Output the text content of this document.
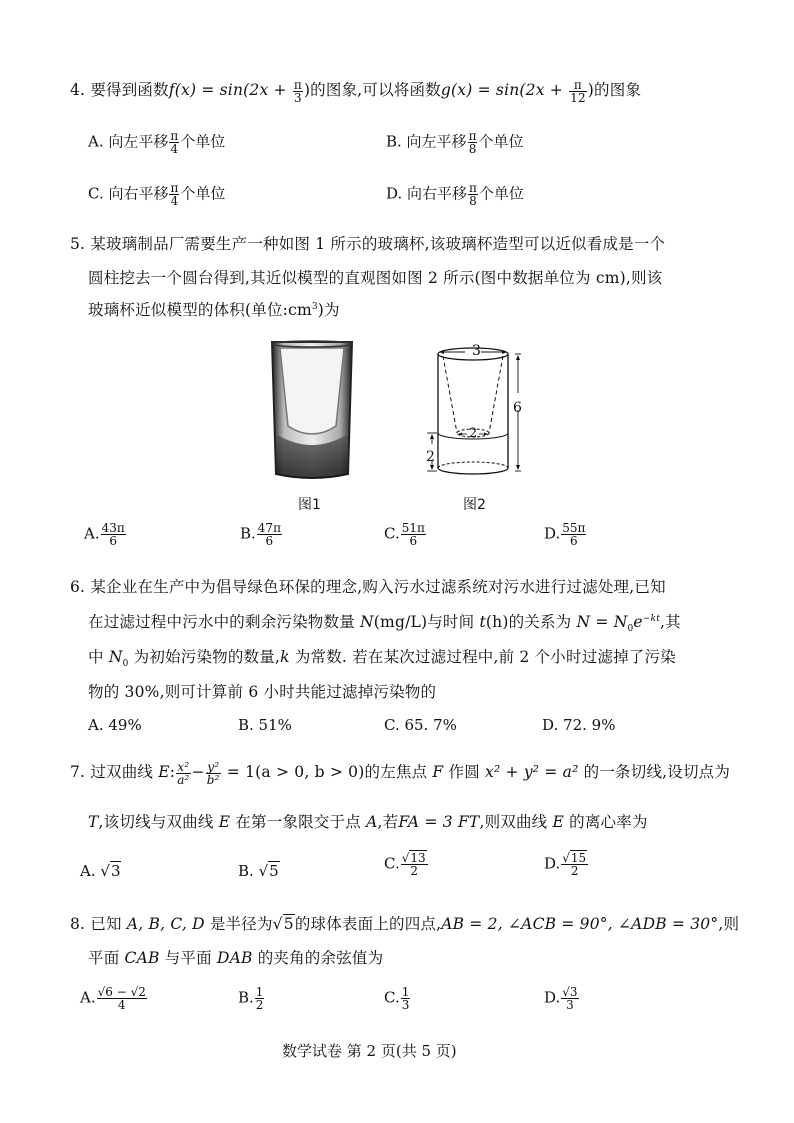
4. 要得到函数$f(x) = \sin(2x + \frac{\pi}{3}$ )的图象,可以将函数$g(x) = \sin(2x + \frac{\pi}{12}$ )的图象
A. 向左平移 $\frac{\pi}{4}$ 个单位	B. 向左平移 $\frac{\pi}{8}$ 个单位
C. 向右平移 $\frac{\pi}{4}$ 个单位	D. 向右平移 $\frac{\pi}{8}$ 个单位
5. 某玻璃制品厂需要生产一种如图 1 所示的玻璃杯,该玻璃杯造型可以近似看成是一个
圆柱挖去一个圆台得到,其近似模型的直观图如图 2 所示(图中数据单位为 cm),则该
玻璃杯近似模型的体积(单位$:cm^3$)为
图1
3
2
6
2
图2
A. $\frac{43\pi}{6}$	B. $\frac{47\pi}{6}$	C. $\frac{51\pi}{6}$	D. $\frac{55\pi}{6}$
6. 某企业在生产中为倡导绿色环保的理念,购入污水过滤系统对污水进行过滤处理,已知
在过滤过程中污水中的剩余污染物数量 N(mg/L)与时间 t(h)的关系为 $N = N_0e^{-kt}$,其
中 $N_0$ 为初始污染物的数量,k 为常数. 若在某次过滤过程中,前 2 个小时过滤掉了污染
物的 30%,则可计算前 6 小时共能过滤掉污染物的
A. 49%	B. 51%	C. 65. 7%	D. 72. 9%
7. 过双曲线 E: $\frac{\text{x²}}{\text{a²}} - \frac{\text{y²}}{\text{b²}} = 1(a > 0$, b > 0)的左焦点 F 作圆 x² + y² = a² 的一条切线,设切点为
T,该切线与双曲线 E 在第一象限交于点 A,若FA = 3 FT,则双曲线 E 的离心率为
A. √3	B. √5	C. $\frac{√13}{2}$	D. $\frac{√15}{2}$
8. 已知 A, B, C, D 是半径为√5的球体表面上的四点,AB = 2, ∠ACB = 90°, ∠ADB = 30°,则
平面 CAB 与平面 DAB 的夹角的余弦值为
A. $\frac{√6 - √2}{4}$	B. $\frac{1}{2}$	C. $\frac{1}{3}$	D. $\frac{√3}{3}$
数学试卷 第 2 页(共 5 页)
